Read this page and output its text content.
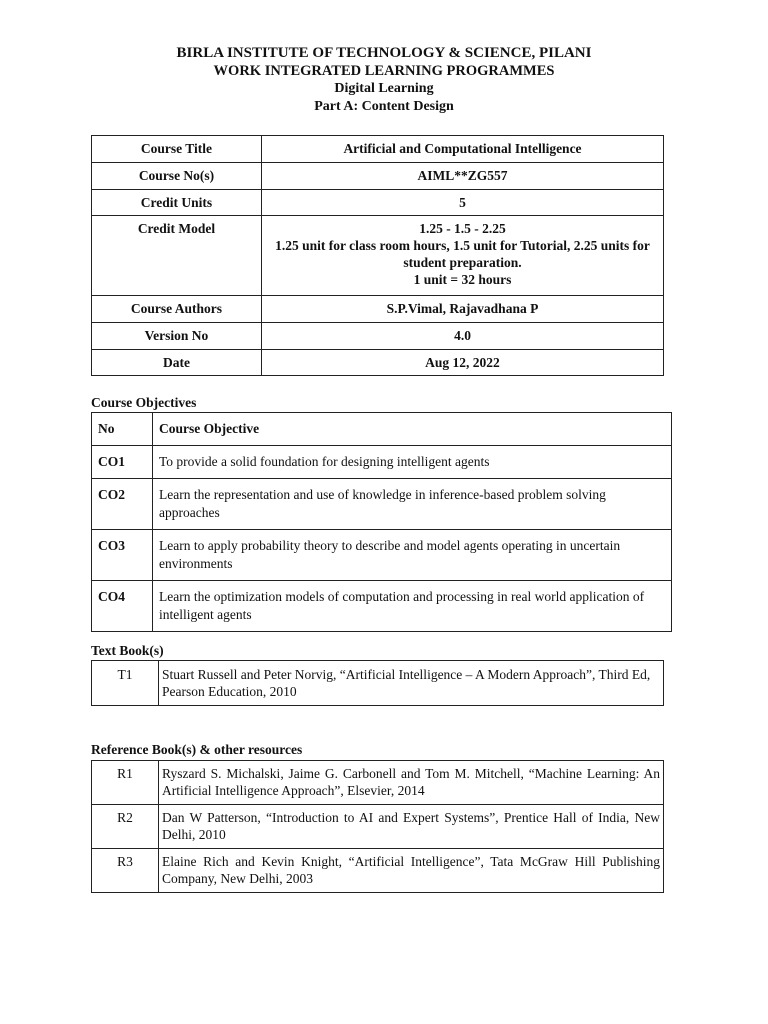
BIRLA INSTITUTE OF TECHNOLOGY & SCIENCE, PILANI
WORK INTEGRATED LEARNING PROGRAMMES
Digital Learning
Part A: Content Design
Course Title	Artificial and Computational Intelligence
Course No(s)	AIML**ZG557
Credit Units	5
Credit Model	1.25 - 1.5 - 2.25
1.25 unit for class room hours, 1.5 unit for Tutorial, 2.25 units for student preparation.
1 unit = 32 hours

Course Authors	S.P.Vimal, Rajavadhana P
Version No	4.0
Date	Aug 12, 2022
Course Objectives
No	Course Objective
CO1	To provide a solid foundation for designing intelligent agents
CO2	Learn the representation and use of knowledge in inference-based problem solving approaches
CO3	Learn to apply probability theory to describe and model agents operating in uncertain environments
CO4	Learn the optimization models of computation and processing in real world application of intelligent agents
Text Book(s)
T1	Stuart Russell and Peter Norvig, “Artificial Intelligence – A Modern Approach”, Third Ed, Pearson Education, 2010
Reference Book(s) & other resources
R1	Ryszard S. Michalski, Jaime G. Carbonell and Tom M. Mitchell, “Machine Learning: An Artificial Intelligence Approach”, Elsevier, 2014
R2	Dan W Patterson, “Introduction to AI and Expert Systems”, Prentice Hall of India, New Delhi, 2010
R3	Elaine Rich and Kevin Knight, “Artificial Intelligence”, Tata McGraw Hill Publishing Company, New Delhi, 2003
